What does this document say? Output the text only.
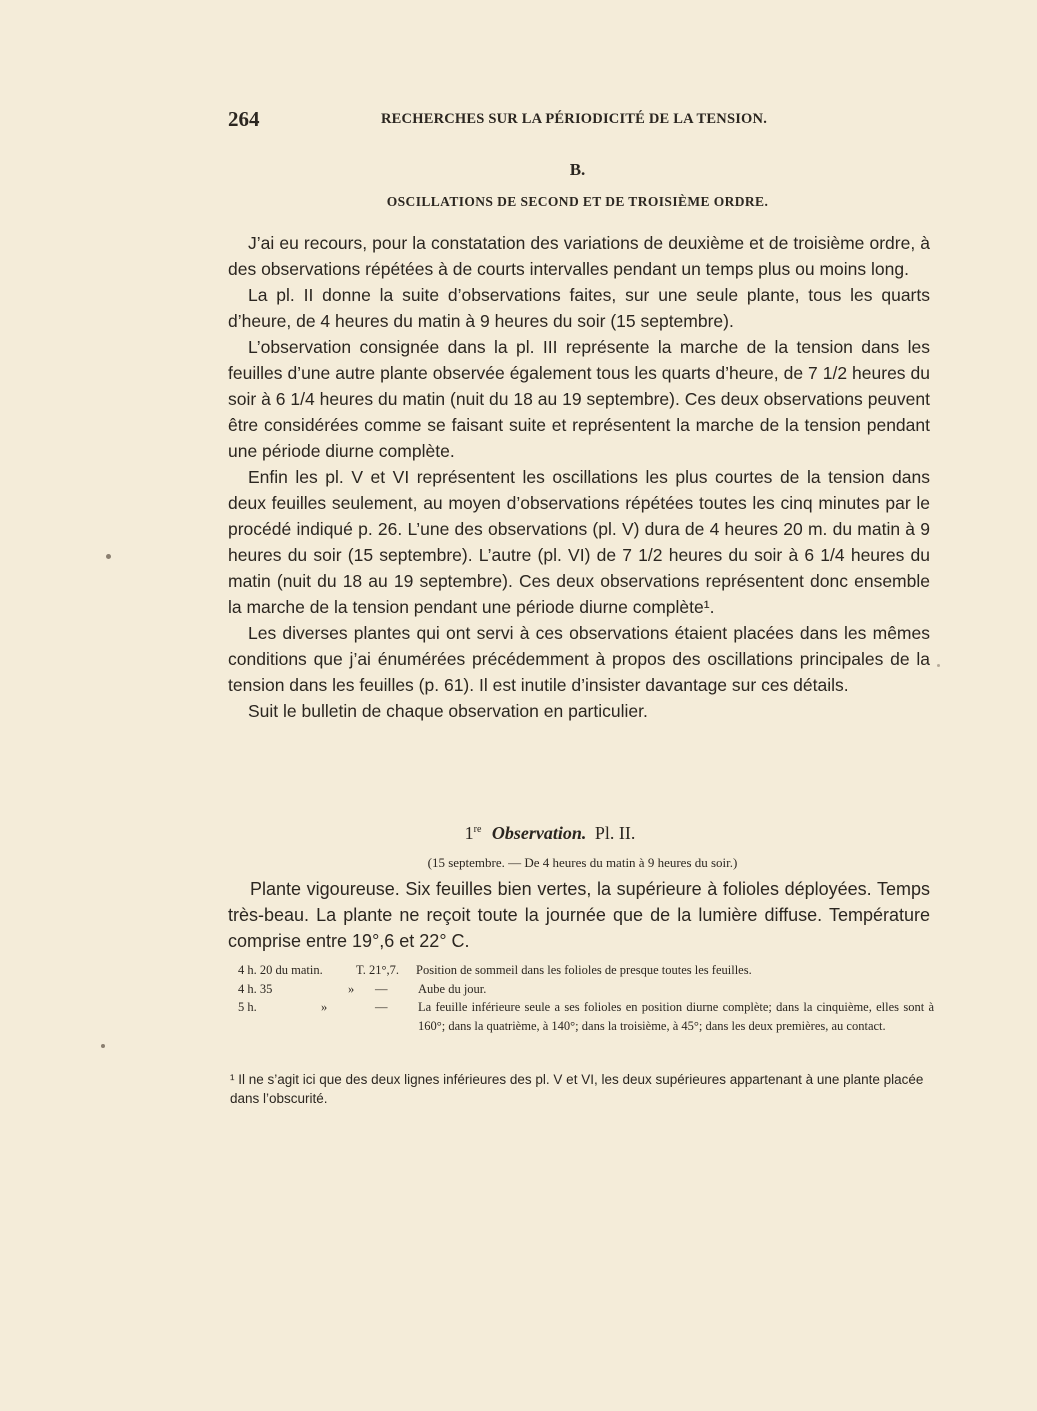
264	RECHERCHES SUR LA PÉRIODICITÉ DE LA TENSION.
B.
OSCILLATIONS DE SECOND ET DE TROISIÈME ORDRE.

J’ai eu recours, pour la constatation des variations de deuxième et de troisième ordre, à des observations répétées à de courts intervalles pendant un temps plus ou moins long.

La pl. II donne la suite d’observations faites, sur une seule plante, tous les quarts d’heure, de 4 heures du matin à 9 heures du soir (15 septembre).

L’observation consignée dans la pl. III représente la marche de la tension dans les feuilles d’une autre plante observée également tous les quarts d’heure, de 7 1/2 heures du soir à 6 1/4 heures du matin (nuit du 18 au 19 septembre). Ces deux observations peuvent être considérées comme se faisant suite et représentent la marche de la tension pendant une période diurne complète.

Enfin les pl. V et VI représentent les oscillations les plus courtes de la tension dans deux feuilles seulement, au moyen d’observations répétées toutes les cinq minutes par le procédé indiqué p. 26. L’une des observations (pl. V) dura de 4 heures 20 m. du matin à 9 heures du soir (15 septembre). L’autre (pl. VI) de 7 1/2 heures du soir à 6 1/4 heures du matin (nuit du 18 au 19 septembre). Ces deux observations représentent donc ensemble la marche de la tension pendant une période diurne complète¹.

Les diverses plantes qui ont servi à ces observations étaient placées dans les mêmes conditions que j’ai énumérées précédemment à propos des oscillations principales de la tension dans les feuilles (p. 61). Il est inutile d’insister davantage sur ces détails.

Suit le bulletin de chaque observation en particulier.

1re Observation. Pl. II.
(15 septembre. — De 4 heures du matin à 9 heures du soir.)

Plante vigoureuse. Six feuilles bien vertes, la supérieure à folioles déployées. Temps très-beau. La plante ne reçoit toute la journée que de la lumière diffuse. Température comprise entre 19°,6 et 22° C.

4 h. 20 du matin.	T. 21°,7.	Position de sommeil dans les folioles de presque toutes les feuilles.
4 h. 35	»	— Aube du jour.
5 h.	»	— La feuille inférieure seule a ses folioles en position diurne complète; dans la cinquième, elles sont à 160°; dans la quatrième, à 140°; dans la troisième, à 45°; dans les deux premières, au contact.
¹ Il ne s’agit ici que des deux lignes inférieures des pl. V et VI, les deux supérieures appartenant à une plante placée dans l’obscurité.
